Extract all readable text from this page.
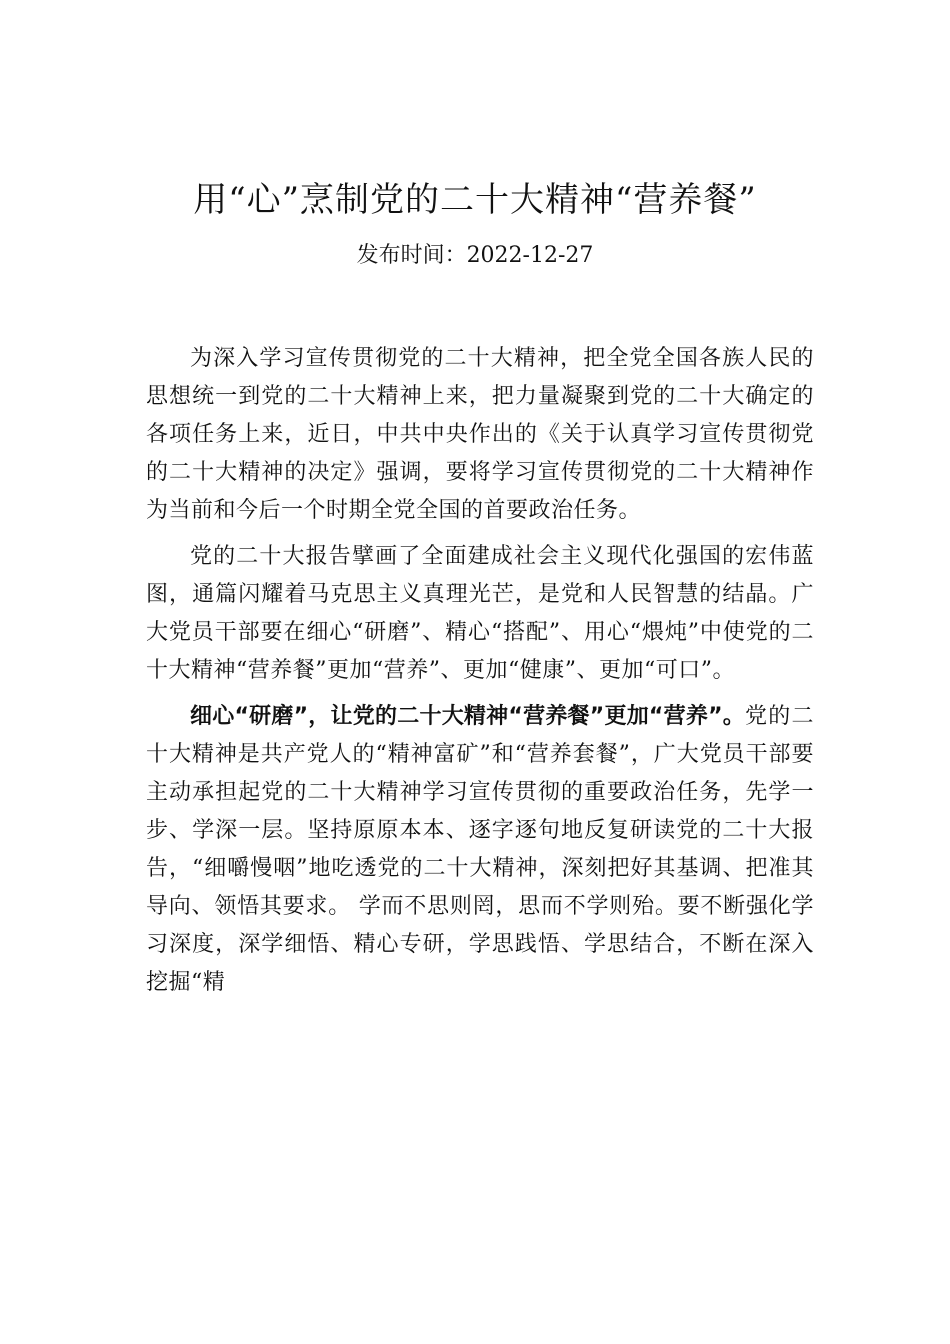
用“心”烹制党的二十大精神“营养餐”
发布时间：2022-12-27

为深入学习宣传贯彻党的二十大精神，把全党全国各族人民的思想统一到党的二十大精神上来，把力量凝聚到党的二十大确定的各项任务上来，近日，中共中央作出的《关于认真学习宣传贯彻党的二十大精神的决定》强调，要将学习宣传贯彻党的二十大精神作为当前和今后一个时期全党全国的首要政治任务。

党的二十大报告擘画了全面建成社会主义现代化强国的宏伟蓝图，通篇闪耀着马克思主义真理光芒，是党和人民智慧的结晶。广大党员干部要在细心“研磨”、精心“搭配”、用心“煨炖”中使党的二十大精神“营养餐”更加“营养”、更加“健康”、更加“可口”。

细心“研磨”，让党的二十大精神“营养餐”更加“营养”。党的二十大精神是共产党人的“精神富矿”和“营养套餐”，广大党员干部要主动承担起党的二十大精神学习宣传贯彻的重要政治任务，先学一步、学深一层。坚持原原本本、逐字逐句地反复研读党的二十大报告，“细嚼慢咽”地吃透党的二十大精神，深刻把好其基调、把准其导向、领悟其要求。 学而不思则罔，思而不学则殆。要不断强化学习深度，深学细悟、精心专研，学思践悟、学思结合，不断在深入挖掘“精
